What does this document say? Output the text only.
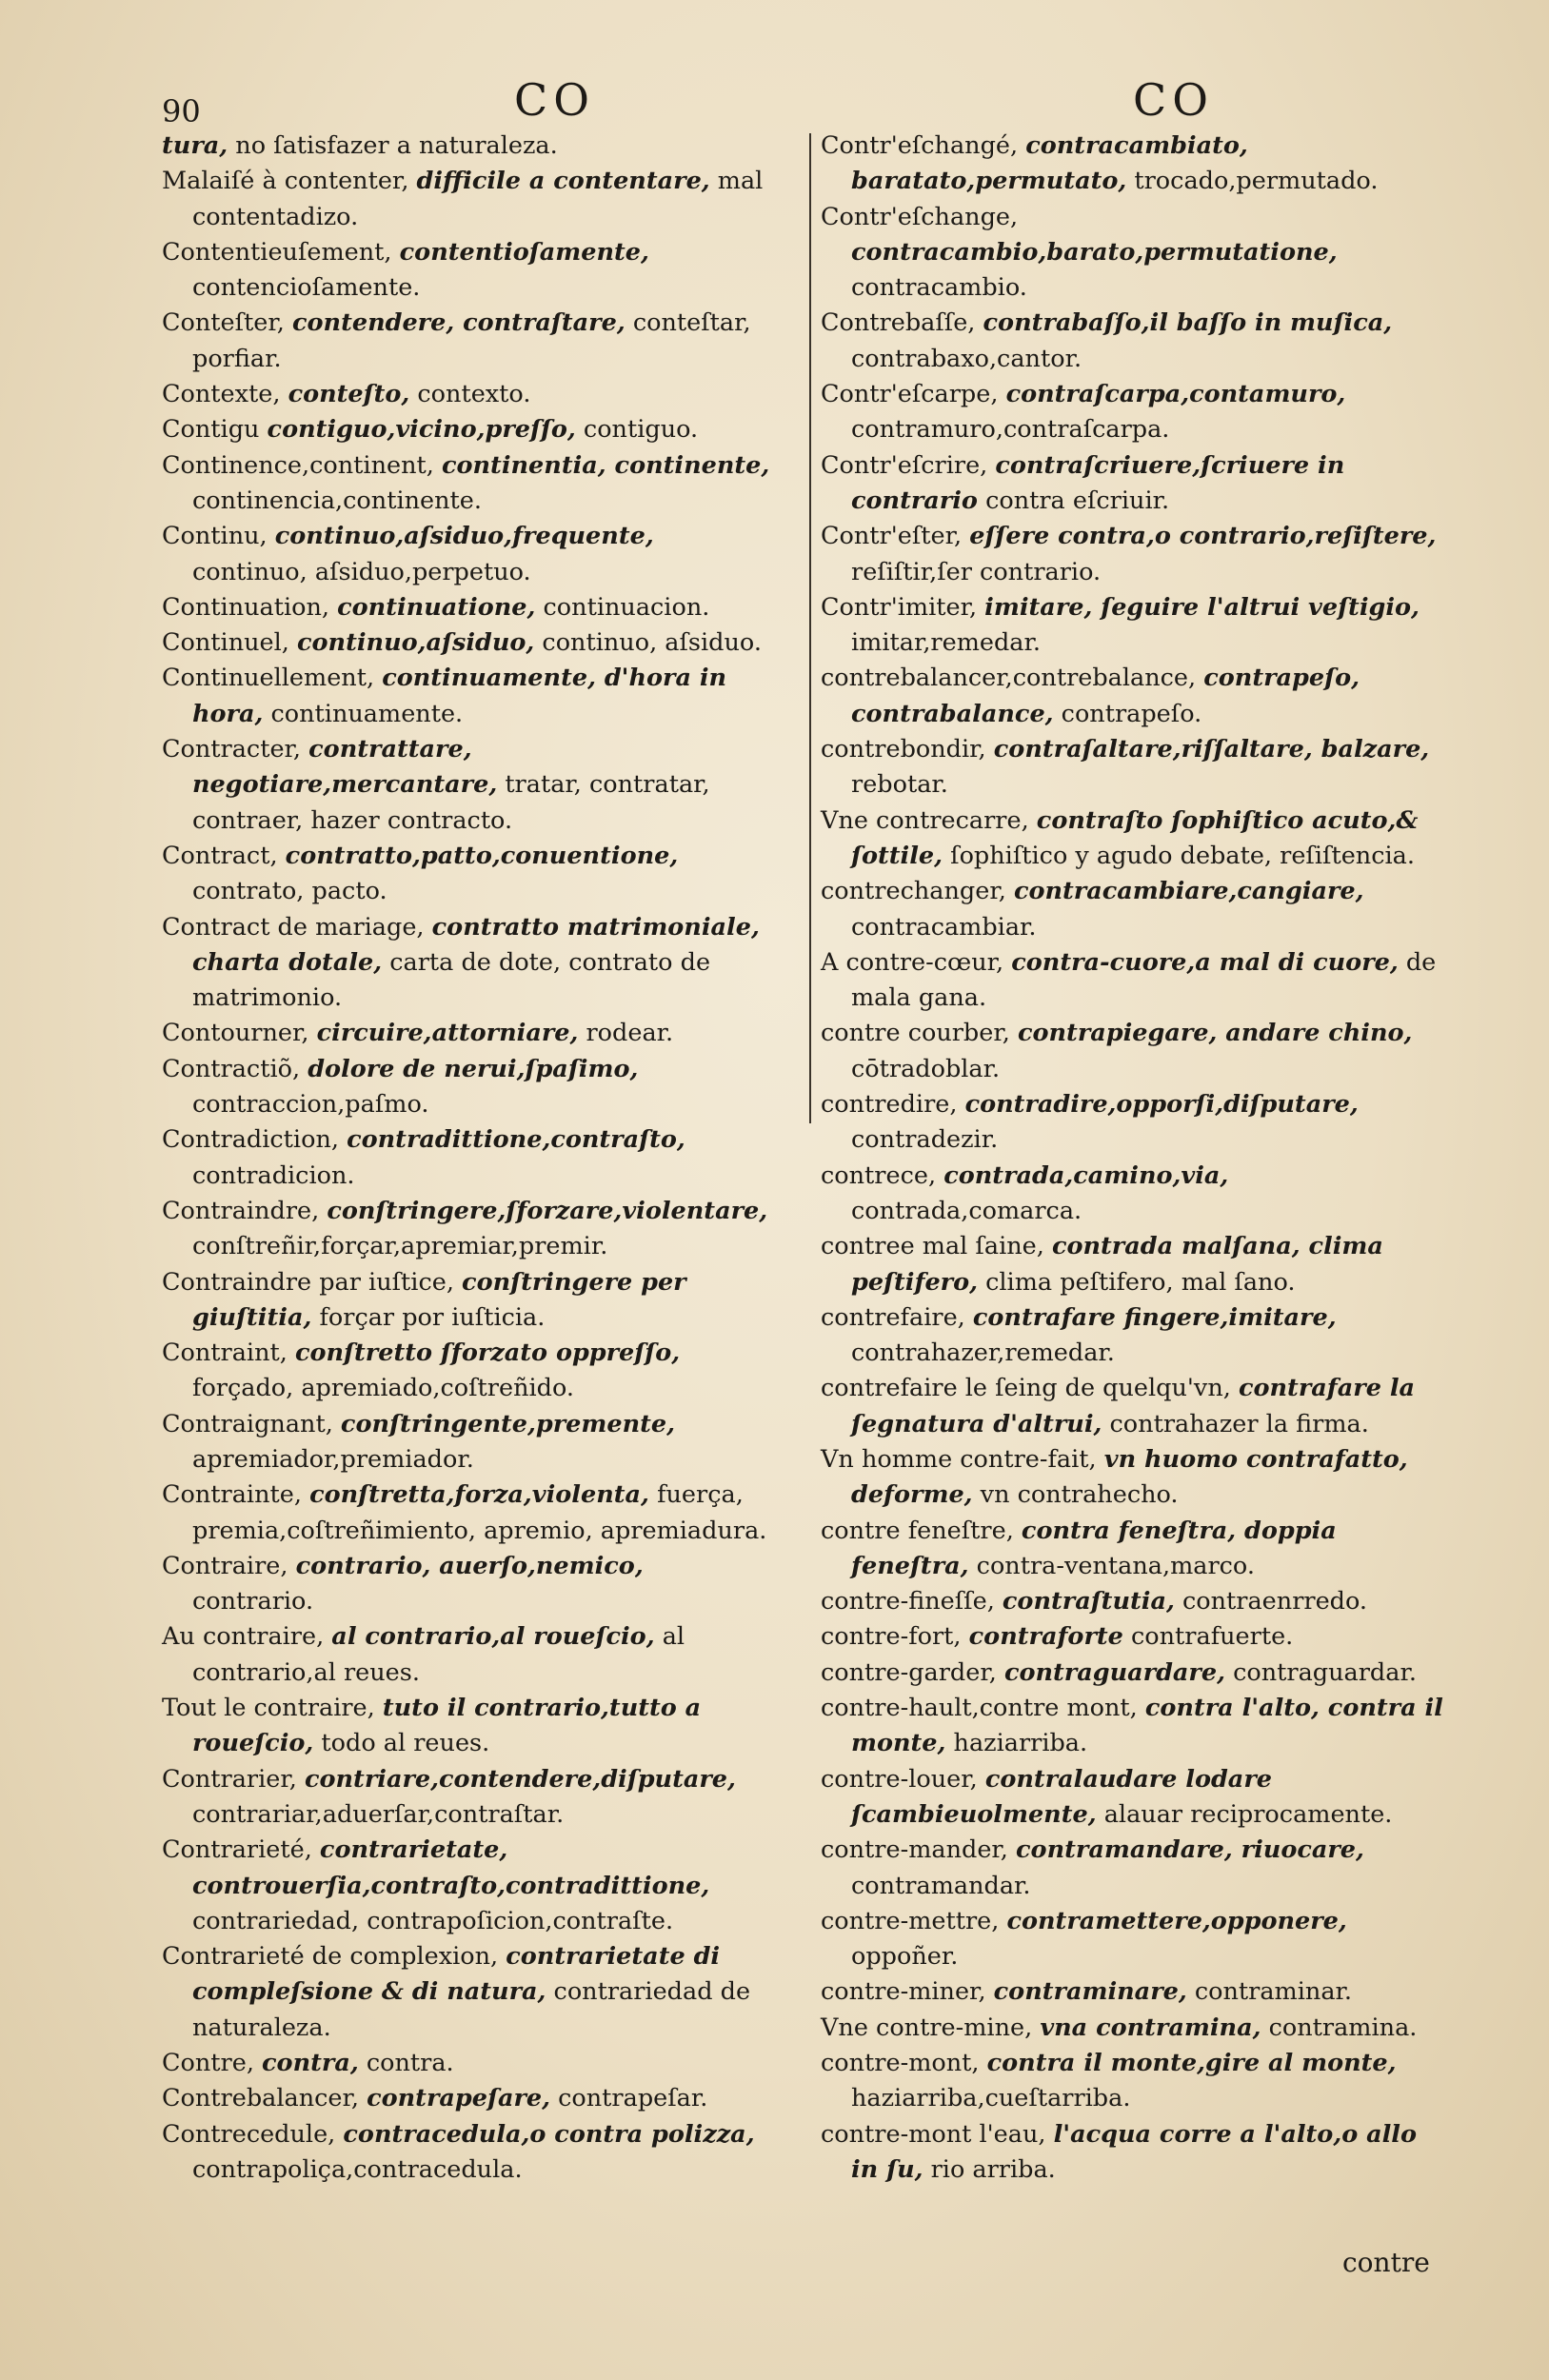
90	CO	CO

tura, no ſatisfazer a naturaleza.

Malaiſé à contenter, difficile a contentare, mal contentadizo.

Contentieuſement, contentioſamente, contencioſamente.

Conteſter, contendere, contraſtare, conteſtar, porfiar.

Contexte, conteſto, contexto.

Contigu contiguo,vicino,preſſo, contiguo.

Continence,continent, continentia, continente, continencia,continente.

Continu, continuo,aſsiduo,frequente, continuo, aſsiduo,perpetuo.

Continuation, continuatione, continuacion.

Continuel, continuo,aſsiduo, continuo, aſsiduo.

Continuellement, continuamente, d'hora in hora, continuamente.

Contracter, contrattare, negotiare,mercantare, tratar, contratar, contraer, hazer contracto.

Contract, contratto,patto,conuentione, contrato, pacto.

Contract de mariage, contratto matrimoniale, charta dotale, carta de dote, contrato de matrimonio.

Contourner, circuire,attorniare, rodear.

Contractiõ, dolore de nerui,ſpaſimo, contraccion,paſmo.

Contradiction, contradittione,contraſto, contradicion.

Contraindre, conſtringere,ſforzare,violentare, conſtreñir,forçar,apremiar,premir.

Contraindre par iuſtice, conſtringere per giuſtitia, forçar por iuſticia.

Contraint, conſtretto ſforzato oppreſſo, forçado, apremiado,coſtreñido.

Contraignant, conſtringente,premente, apremiador,premiador.

Contrainte, conſtretta,forza,violenta, fuerça, premia,coſtreñimiento, apremio, apremiadura.

Contraire, contrario, auerſo,nemico, contrario.

Au contraire, al contrario,al roueſcio, al contrario,al reues.

Tout le contraire, tuto il contrario,tutto a roueſcio, todo al reues.

Contrarier, contriare,contendere,diſputare, contrariar,aduerſar,contraſtar.

Contrarieté, contrarietate, controuerſia,contraſto,contradittione, contrariedad, contrapoſicion,contraſte.

Contrarieté de complexion, contrarietate di compleſsione & di natura, contrariedad de naturaleza.

Contre, contra, contra.

Contrebalancer, contrapeſare, contrapeſar.

Contrecedule, contracedula,o contra polizza, contrapoliça,contracedula.

Contr'eſchangé, contracambiato, baratato,permutato, trocado,permutado.

Contr'eſchange, contracambio,barato,permutatione, contracambio.

Contrebaſſe, contrabaſſo,il baſſo in muſica, contrabaxo,cantor.

Contr'eſcarpe, contraſcarpa,contamuro, contramuro,contraſcarpa.

Contr'eſcrire, contraſcriuere,ſcriuere in contrario contra eſcriuir.

Contr'eſter, eſſere contra,o contrario,reſiſtere, reſiſtir,ſer contrario.

Contr'imiter, imitare, ſeguire l'altrui veſtigio, imitar,remedar.

contrebalancer,contrebalance, contrapeſo, contrabalance, contrapeſo.

contrebondir, contraſaltare,riſſaltare, balzare, rebotar.

Vne contrecarre, contraſto ſophiſtico acuto,& ſottile, ſophiſtico y agudo debate, reſiſtencia.

contrechanger, contracambiare,cangiare, contracambiar.

A contre-cœur, contra-cuore,a mal di cuore, de mala gana.

contre courber, contrapiegare, andare chino, cōtradoblar.

contredire, contradire,opporſi,diſputare, contradezir.

contrece, contrada,camino,via, contrada,comarca.

contree mal ſaine, contrada malſana, clima peſtifero, clima peſtifero, mal ſano.

contrefaire, contrafare fingere,imitare, contrahazer,remedar.

contrefaire le ſeing de quelqu'vn, contrafare la ſegnatura d'altrui, contrahazer la firma.

Vn homme contre-fait, vn huomo contrafatto, deforme, vn contrahecho.

contre feneſtre, contra feneſtra, doppia feneſtra, contra-ventana,marco.

contre-fineſſe, contraſtutia, contraenrredo.

contre-fort, contraforte contrafuerte.

contre-garder, contraguardare, contraguardar.

contre-hault,contre mont, contra l'alto, contra il monte, haziarriba.

contre-louer, contralaudare lodare ſcambieuolmente, alauar reciprocamente.

contre-mander, contramandare, riuocare, contramandar.

contre-mettre, contramettere,opponere, oppoñer.

contre-miner, contraminare, contraminar.

Vne contre-mine, vna contramina, contramina.

contre-mont, contra il monte,gire al monte, haziarriba,cueſtarriba.

contre-mont l'eau, l'acqua corre a l'alto,o allo in ſu, rio arriba.

contre
